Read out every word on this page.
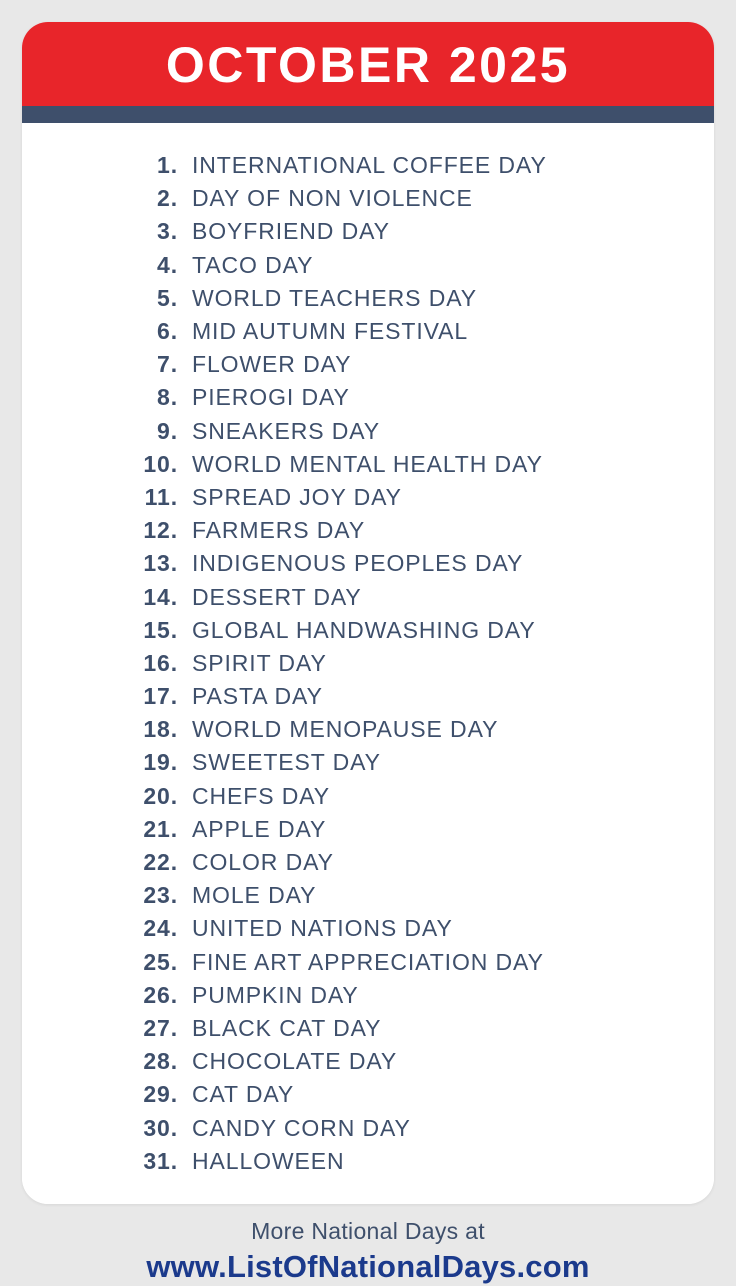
OCTOBER 2025
1. INTERNATIONAL COFFEE DAY
2. DAY OF NON VIOLENCE
3. BOYFRIEND DAY
4. TACO DAY
5. WORLD TEACHERS DAY
6. MID AUTUMN FESTIVAL
7. FLOWER DAY
8. PIEROGI DAY
9. SNEAKERS DAY
10. WORLD MENTAL HEALTH DAY
11. SPREAD JOY DAY
12. FARMERS DAY
13. INDIGENOUS PEOPLES DAY
14. DESSERT DAY
15. GLOBAL HANDWASHING DAY
16. SPIRIT DAY
17. PASTA DAY
18. WORLD MENOPAUSE DAY
19. SWEETEST DAY
20. CHEFS DAY
21. APPLE DAY
22. COLOR DAY
23. MOLE DAY
24. UNITED NATIONS DAY
25. FINE ART APPRECIATION DAY
26. PUMPKIN DAY
27. BLACK CAT DAY
28. CHOCOLATE DAY
29. CAT DAY
30. CANDY CORN DAY
31. HALLOWEEN
More National Days at
www.ListOfNationalDays.com
